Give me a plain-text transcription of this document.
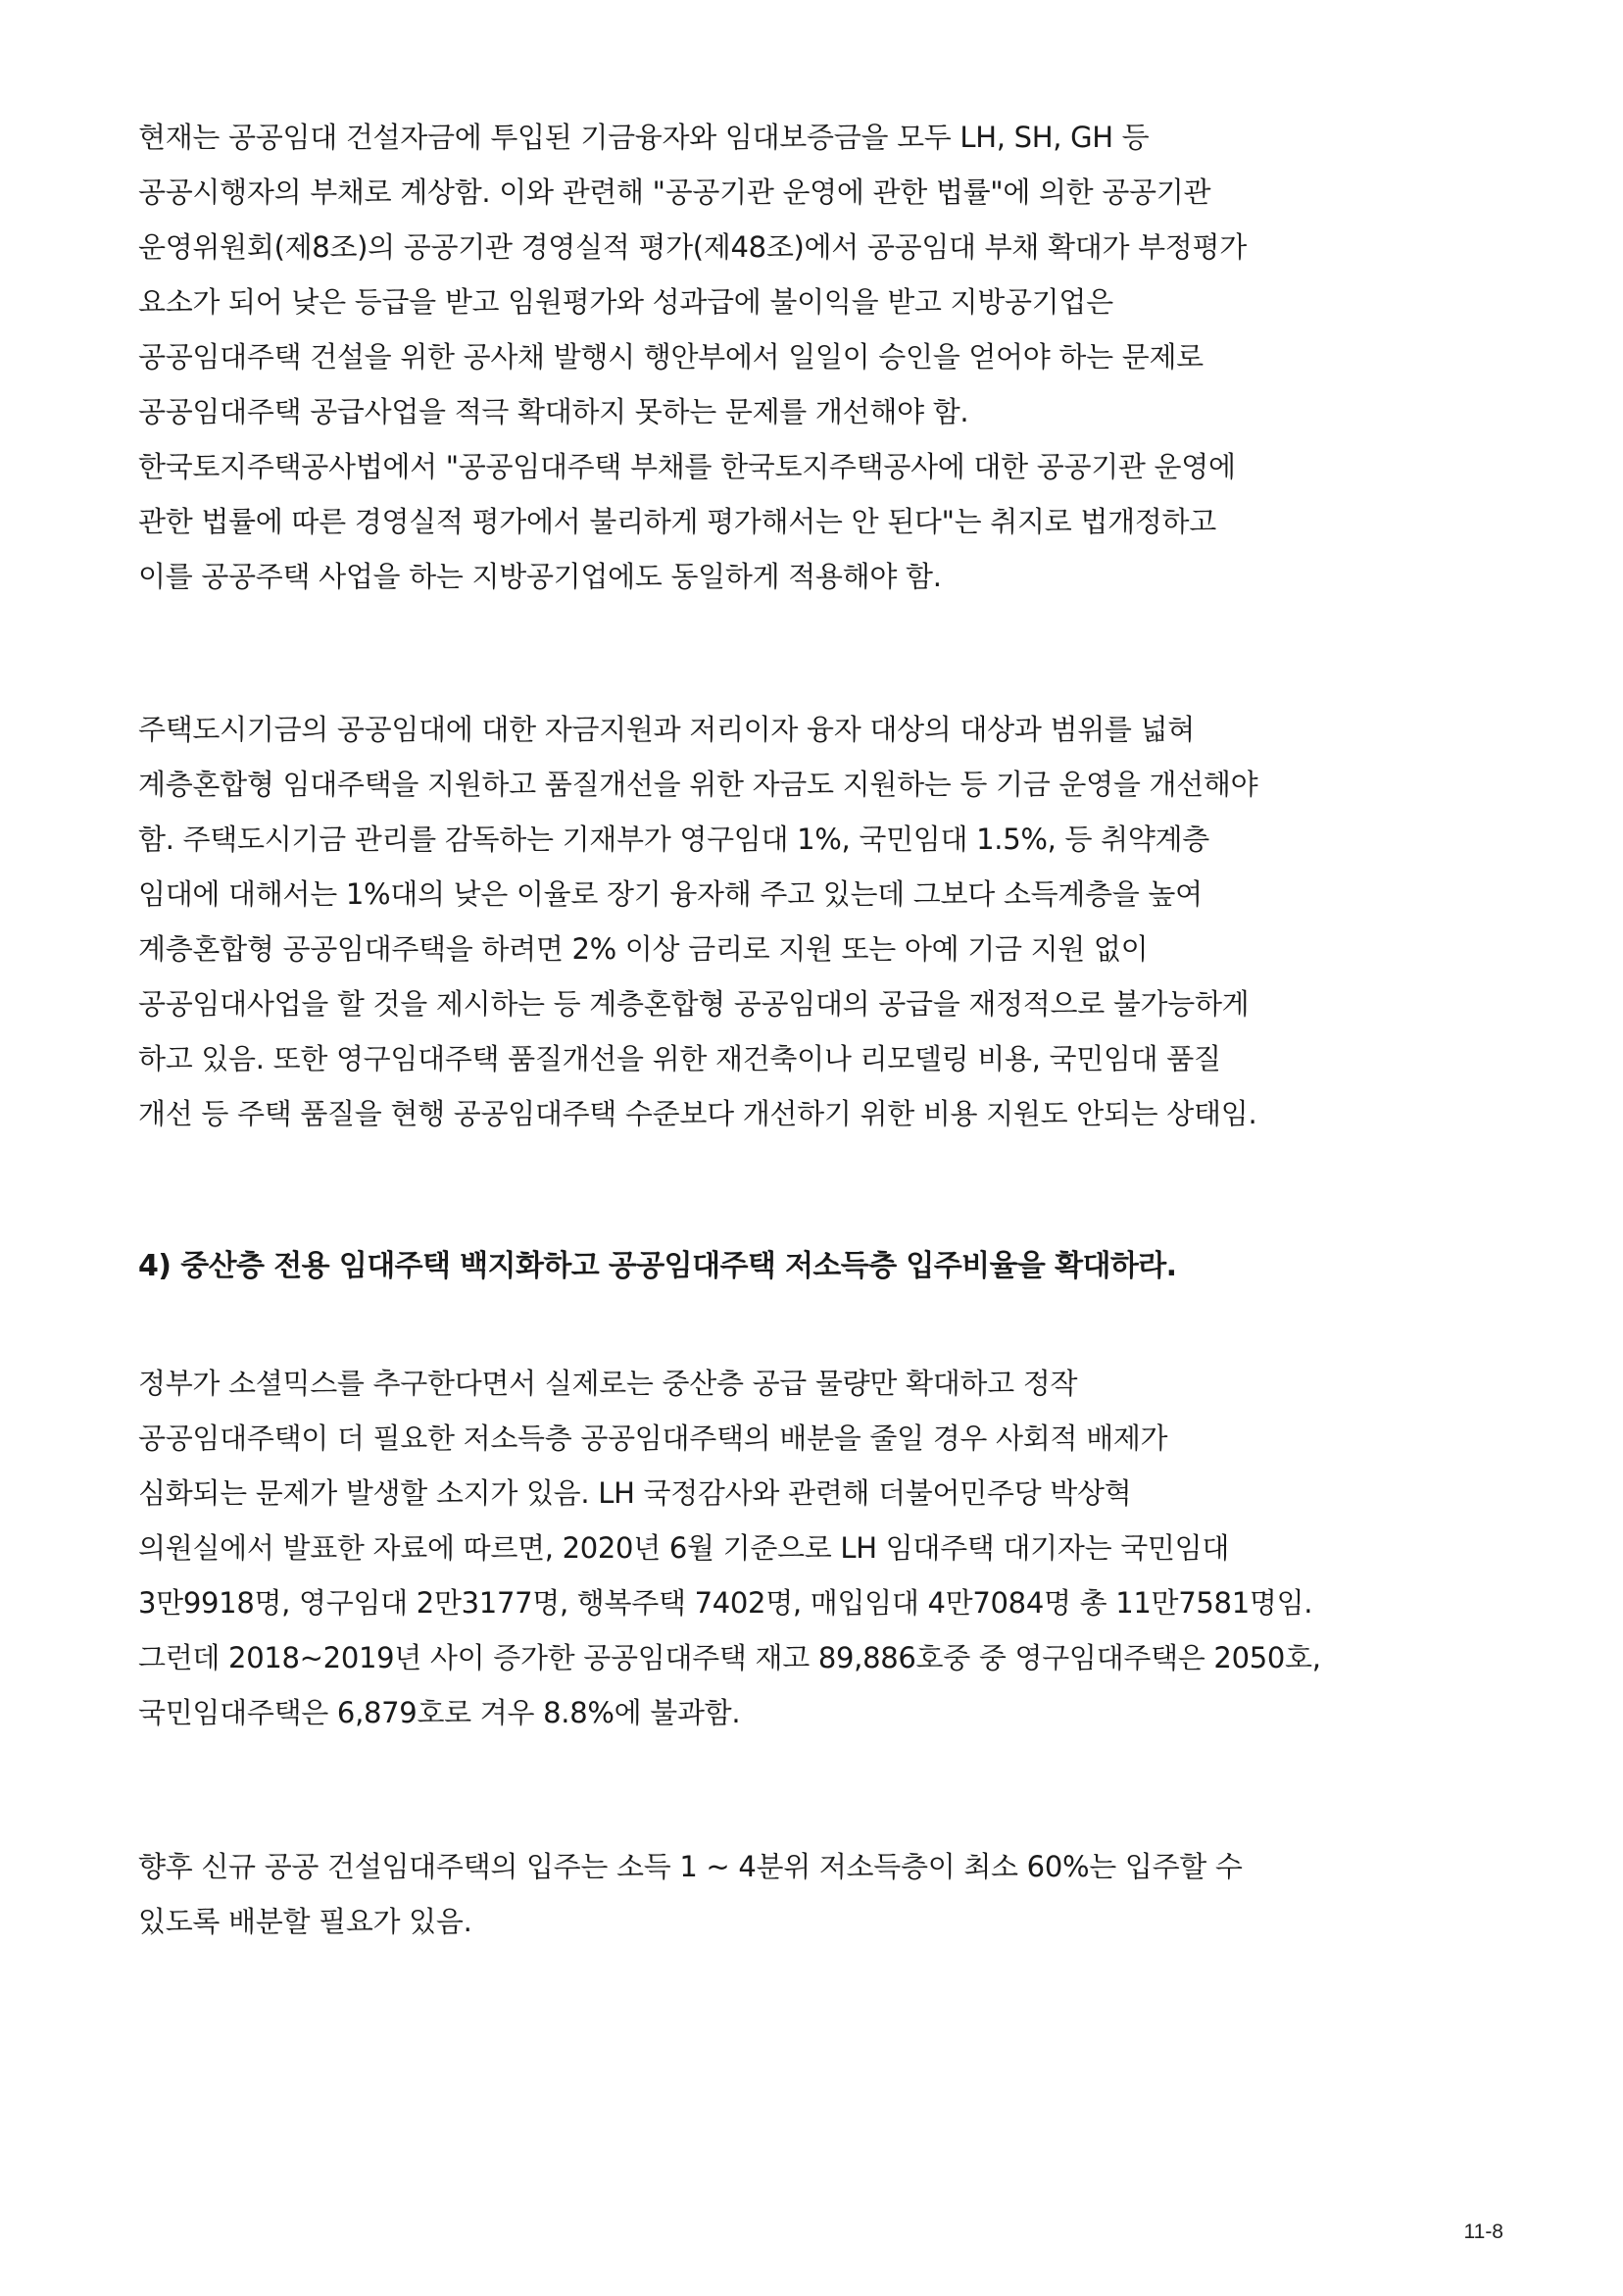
현재는 공공임대 건설자금에 투입된 기금융자와 임대보증금을 모두 LH, SH, GH 등
공공시행자의 부채로 계상함. 이와 관련해 "공공기관 운영에 관한 법률"에 의한 공공기관
운영위원회(제8조)의 공공기관 경영실적 평가(제48조)에서 공공임대 부채 확대가 부정평가
요소가 되어 낮은 등급을 받고 임원평가와 성과급에 불이익을 받고 지방공기업은
공공임대주택 건설을 위한 공사채 발행시 행안부에서 일일이 승인을 얻어야 하는 문제로
공공임대주택 공급사업을 적극 확대하지 못하는 문제를 개선해야 함.
한국토지주택공사법에서 "공공임대주택 부채를 한국토지주택공사에 대한 공공기관 운영에
관한 법률에 따른 경영실적 평가에서 불리하게 평가해서는 안 된다"는 취지로 법개정하고
이를 공공주택 사업을 하는 지방공기업에도 동일하게 적용해야 함.
주택도시기금의 공공임대에 대한 자금지원과 저리이자 융자 대상의 대상과 범위를 넓혀
계층혼합형 임대주택을 지원하고 품질개선을 위한 자금도 지원하는 등 기금 운영을 개선해야
함. 주택도시기금 관리를 감독하는 기재부가 영구임대 1%, 국민임대 1.5%, 등 취약계층
임대에 대해서는 1%대의 낮은 이율로 장기 융자해 주고 있는데 그보다 소득계층을 높여
계층혼합형 공공임대주택을 하려면 2% 이상 금리로 지원 또는 아예 기금 지원 없이
공공임대사업을 할 것을 제시하는 등 계층혼합형 공공임대의 공급을 재정적으로 불가능하게
하고 있음. 또한 영구임대주택 품질개선을 위한 재건축이나 리모델링 비용, 국민임대 품질
개선 등 주택 품질을 현행 공공임대주택 수준보다 개선하기 위한 비용 지원도 안되는 상태임.
4) 중산층 전용 임대주택 백지화하고 공공임대주택 저소득층 입주비율을 확대하라.
정부가 소셜믹스를 추구한다면서 실제로는 중산층 공급 물량만 확대하고 정작
공공임대주택이 더 필요한 저소득층 공공임대주택의 배분을 줄일 경우 사회적 배제가
심화되는 문제가 발생할 소지가 있음. LH 국정감사와 관련해 더불어민주당 박상혁
의원실에서 발표한 자료에 따르면, 2020년 6월 기준으로 LH 임대주택 대기자는 국민임대
3만9918명, 영구임대 2만3177명, 행복주택 7402명, 매입임대 4만7084명 총 11만7581명임.
그런데 2018~2019년 사이 증가한 공공임대주택 재고 89,886호중 중 영구임대주택은 2050호,
국민임대주택은 6,879호로 겨우 8.8%에 불과함.
향후 신규 공공 건설임대주택의 입주는 소득 1 ~ 4분위 저소득층이 최소 60%는 입주할 수
있도록 배분할 필요가 있음.
11-8
